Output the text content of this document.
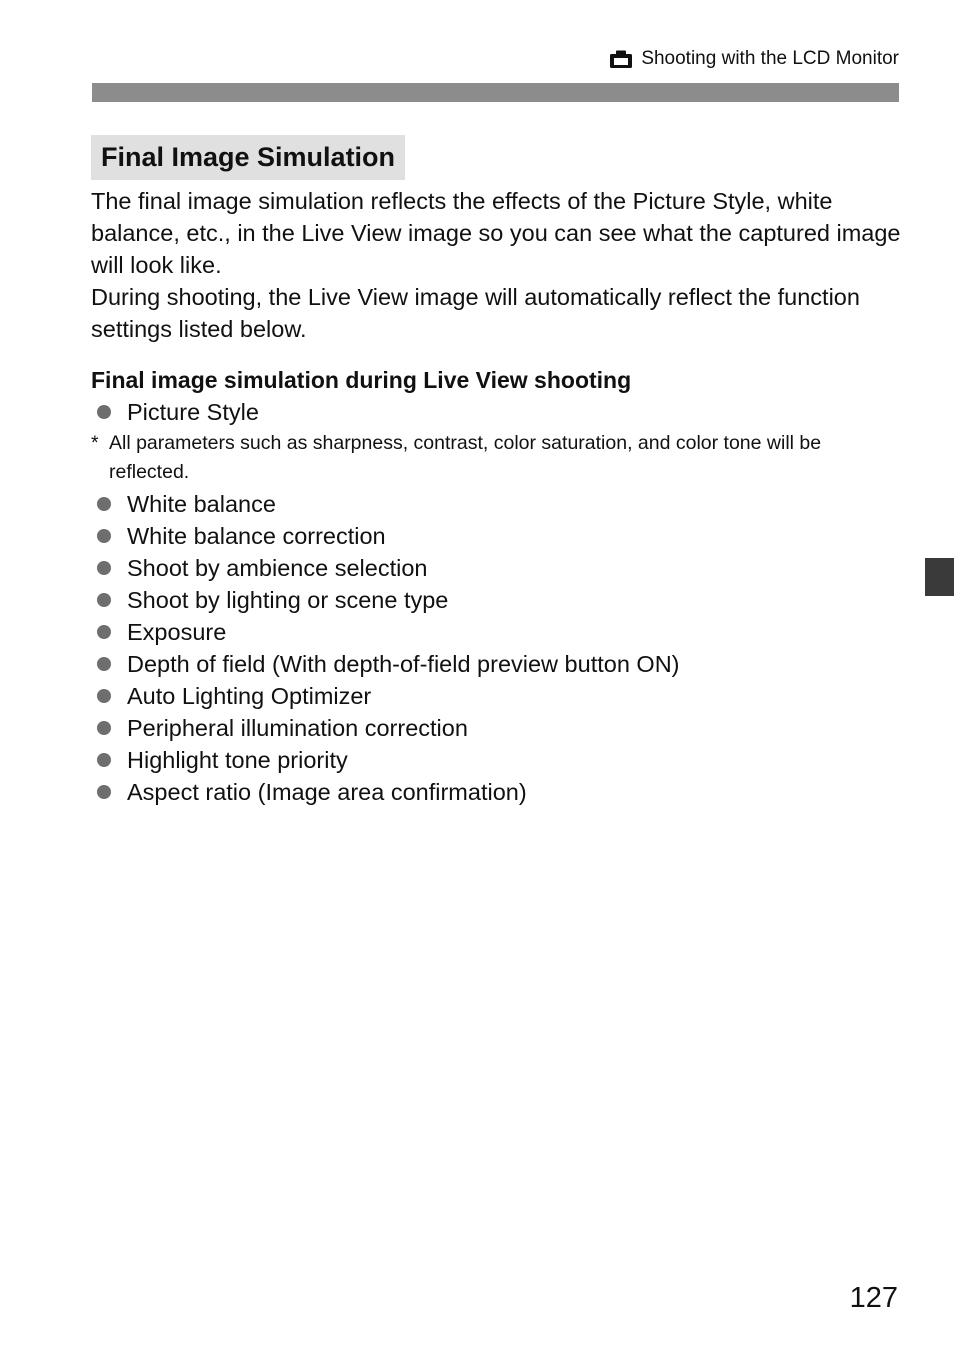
Shooting with the LCD Monitor
Final Image Simulation

The final image simulation reflects the effects of the Picture Style, white balance, etc., in the Live View image so you can see what the captured image will look like.

During shooting, the Live View image will automatically reflect the function settings listed below.

Final image simulation during Live View shooting
Picture Style
* All parameters such as sharpness, contrast, color saturation, and color tone will be reflected.
White balance
White balance correction
Shoot by ambience selection
Shoot by lighting or scene type
Exposure
Depth of field (With depth-of-field preview button ON)
Auto Lighting Optimizer
Peripheral illumination correction
Highlight tone priority
Aspect ratio (Image area confirmation)
127
